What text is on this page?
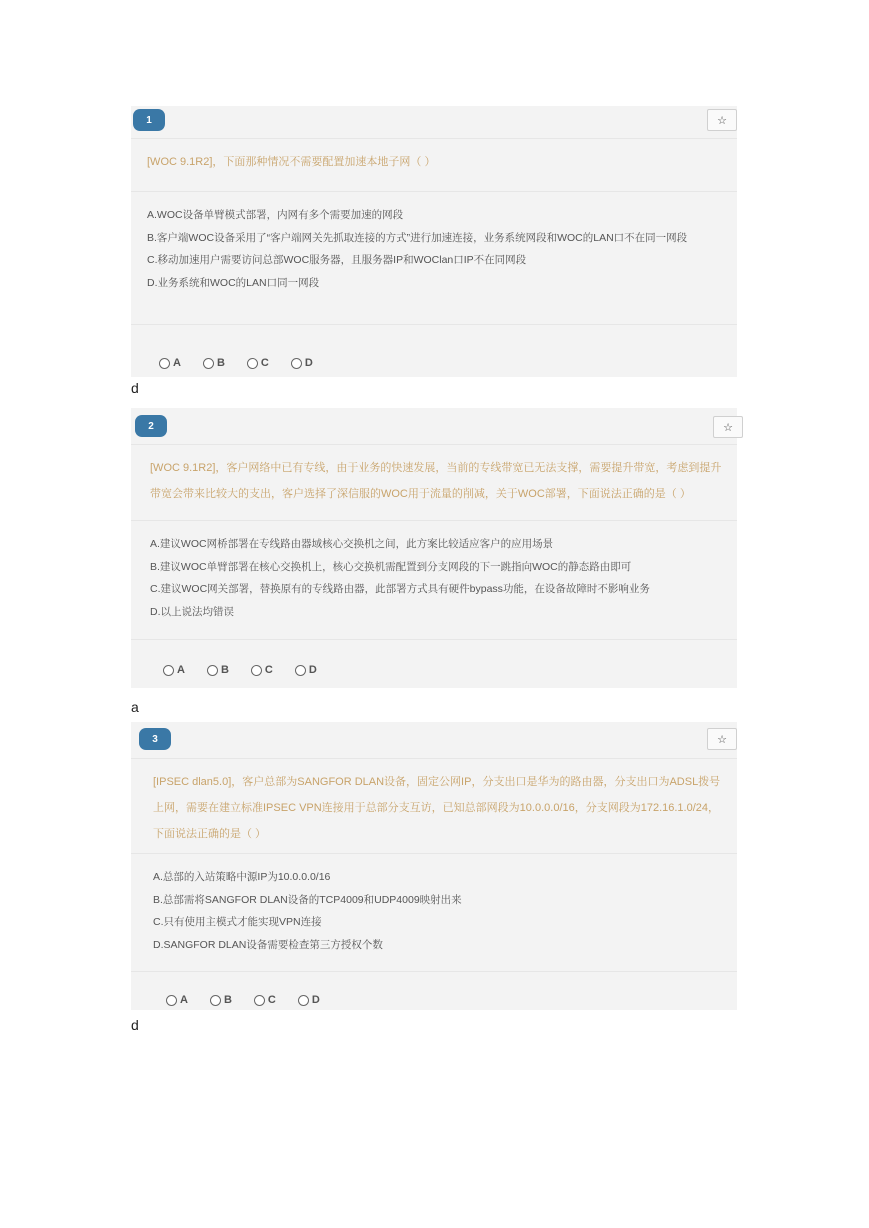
1	☆
[WOC 9.1R2]，下面那种情况不需要配置加速本地子网（ ）
A.WOC设备单臂模式部署，内网有多个需要加速的网段
B.客户端WOC设备采用了“客户端网关先抓取连接的方式”进行加速连接，业务系统网段和WOC的LAN口不在同一网段
C.移动加速用户需要访问总部WOC服务器，且服务器IP和WOClan口IP不在同网段
D.业务系统和WOC的LAN口同一网段
A	B	C	D
d
2	☆
[WOC 9.1R2]，客户网络中已有专线，由于业务的快速发展，当前的专线带宽已无法支撑，需要提升带宽，考虑到提升带宽会带来比较大的支出，客户选择了深信服的WOC用于流量的削减，关于WOC部署，下面说法正确的是（ ）
A.建议WOC网桥部署在专线路由器域核心交换机之间，此方案比较适应客户的应用场景
B.建议WOC单臂部署在核心交换机上，核心交换机需配置到分支网段的下一跳指向WOC的静态路由即可
C.建议WOC网关部署，替换原有的专线路由器，此部署方式具有硬件bypass功能，在设备故障时不影响业务
D.以上说法均错误
A	B	C	D
a
3	☆
[IPSEC dlan5.0]，客户总部为SANGFOR DLAN设备，固定公网IP，分支出口是华为的路由器，分支出口为ADSL拨号上网，需要在建立标准IPSEC VPN连接用于总部分支互访，已知总部网段为10.0.0.0/16，分支网段为172.16.1.0/24，下面说法正确的是（ ）
A.总部的入站策略中源IP为10.0.0.0/16
B.总部需将SANGFOR DLAN设备的TCP4009和UDP4009映射出来
C.只有使用主模式才能实现VPN连接
D.SANGFOR DLAN设备需要检查第三方授权个数
A	B	C	D
d
